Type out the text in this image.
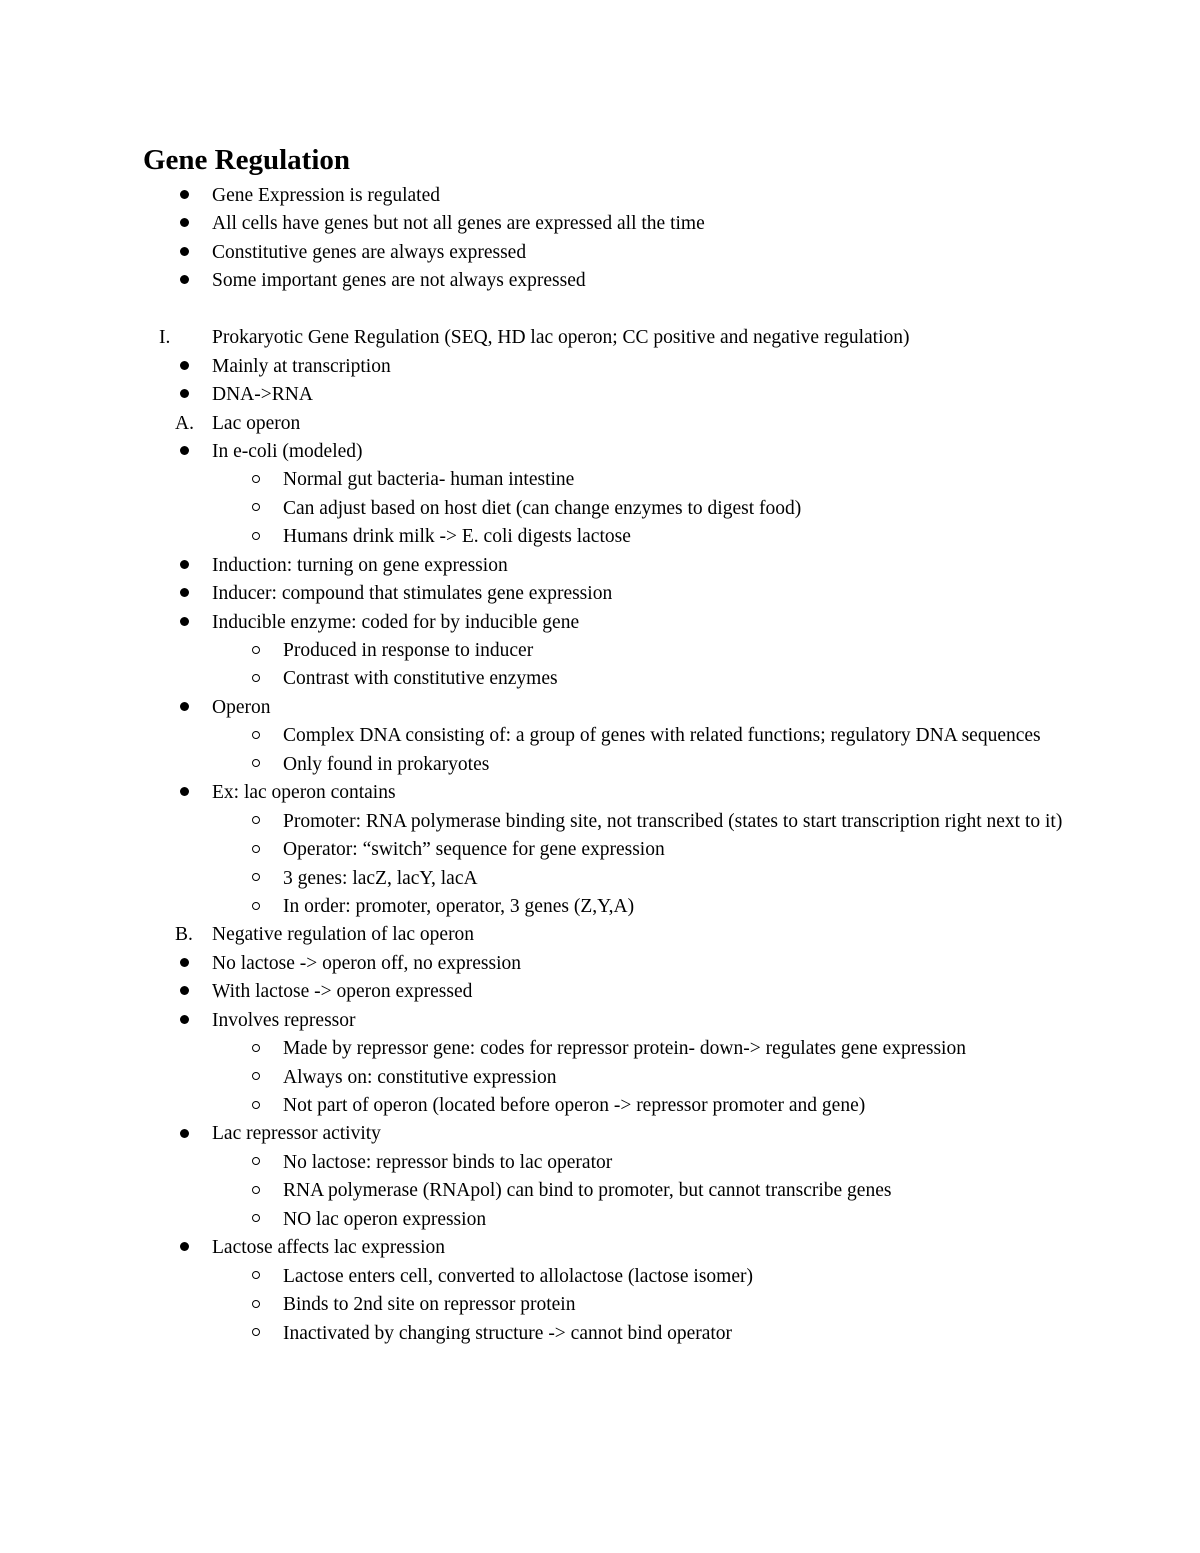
Gene Regulation
Gene Expression is regulated
All cells have genes but not all genes are expressed all the time
Constitutive genes are always expressed
Some important genes are not always expressed
I.	Prokaryotic Gene Regulation (SEQ, HD lac operon; CC positive and negative regulation)
Mainly at transcription
DNA->RNA
A. Lac operon
In e-coli (modeled)
Normal gut bacteria- human intestine
Can adjust based on host diet (can change enzymes to digest food)
Humans drink milk -> E. coli digests lactose
Induction: turning on gene expression
Inducer: compound that stimulates gene expression
Inducible enzyme: coded for by inducible gene
Produced in response to inducer
Contrast with constitutive enzymes
Operon
Complex DNA consisting of: a group of genes with related functions; regulatory DNA sequences
Only found in prokaryotes
Ex: lac operon contains
Promoter: RNA polymerase binding site, not transcribed (states to start transcription right next to it)
Operator: “switch” sequence for gene expression
3 genes: lacZ, lacY, lacA
In order: promoter, operator, 3 genes (Z,Y,A)
B. Negative regulation of lac operon
No lactose -> operon off, no expression
With lactose -> operon expressed
Involves repressor
Made by repressor gene: codes for repressor protein- down-> regulates gene expression
Always on: constitutive expression
Not part of operon (located before operon -> repressor promoter and gene)
Lac repressor activity
No lactose: repressor binds to lac operator
RNA polymerase (RNApol) can bind to promoter, but cannot transcribe genes
NO lac operon expression
Lactose affects lac expression
Lactose enters cell, converted to allolactose (lactose isomer)
Binds to 2nd site on repressor protein
Inactivated by changing structure -> cannot bind operator
